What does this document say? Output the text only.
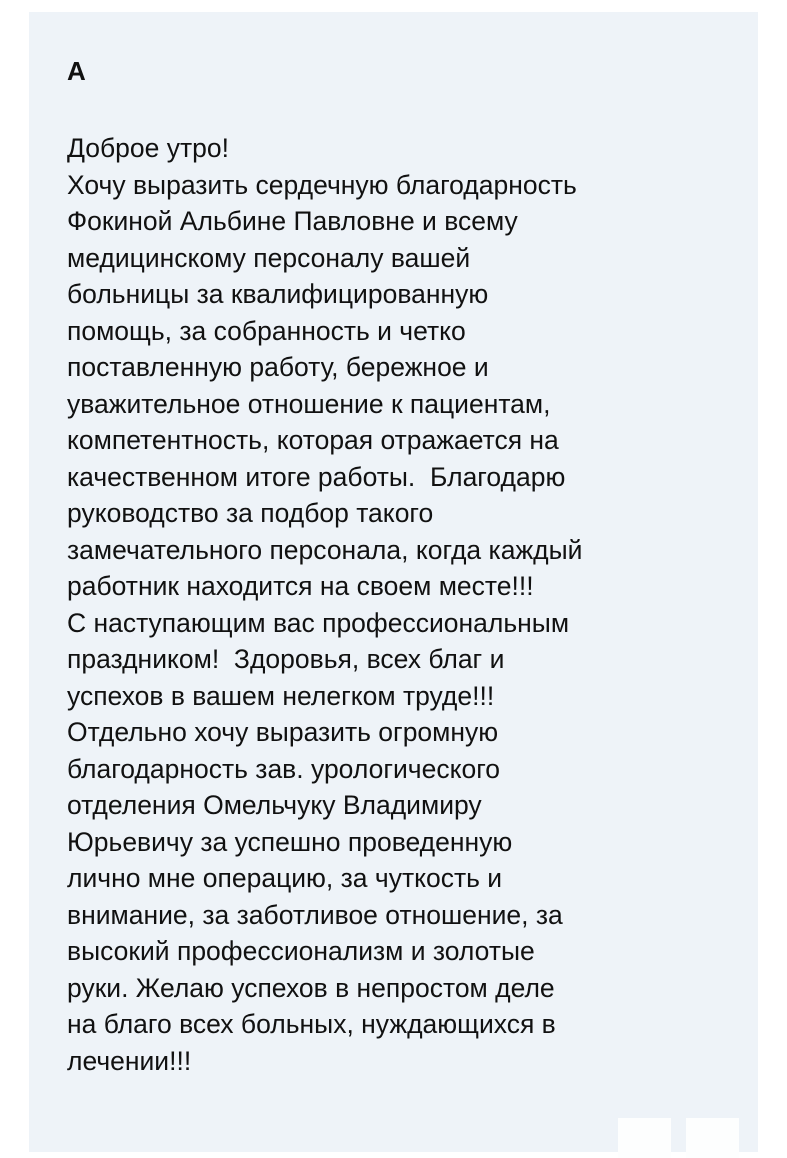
А
Доброе утро!
Хочу выразить сердечную благодарность
Фокиной Альбине Павловне и всему
медицинскому персоналу вашей
больницы за квалифицированную
помощь, за собранность и четко
поставленную работу, бережное и
уважительное отношение к пациентам,
компетентность, которая отражается на
качественном итоге работы.  Благодарю
руководство за подбор такого
замечательного персонала, когда каждый
работник находится на своем месте!!!
С наступающим вас профессиональным
праздником!  Здоровья, всех благ и
успехов в вашем нелегком труде!!!
Отдельно хочу выразить огромную
благодарность зав. урологического
отделения Омельчуку Владимиру
Юрьевичу за успешно проведенную
лично мне операцию, за чуткость и
внимание, за заботливое отношение, за
высокий профессионализм и золотые
руки. Желаю успехов в непростом деле
на благо всех больных, нуждающихся в
лечении!!!
